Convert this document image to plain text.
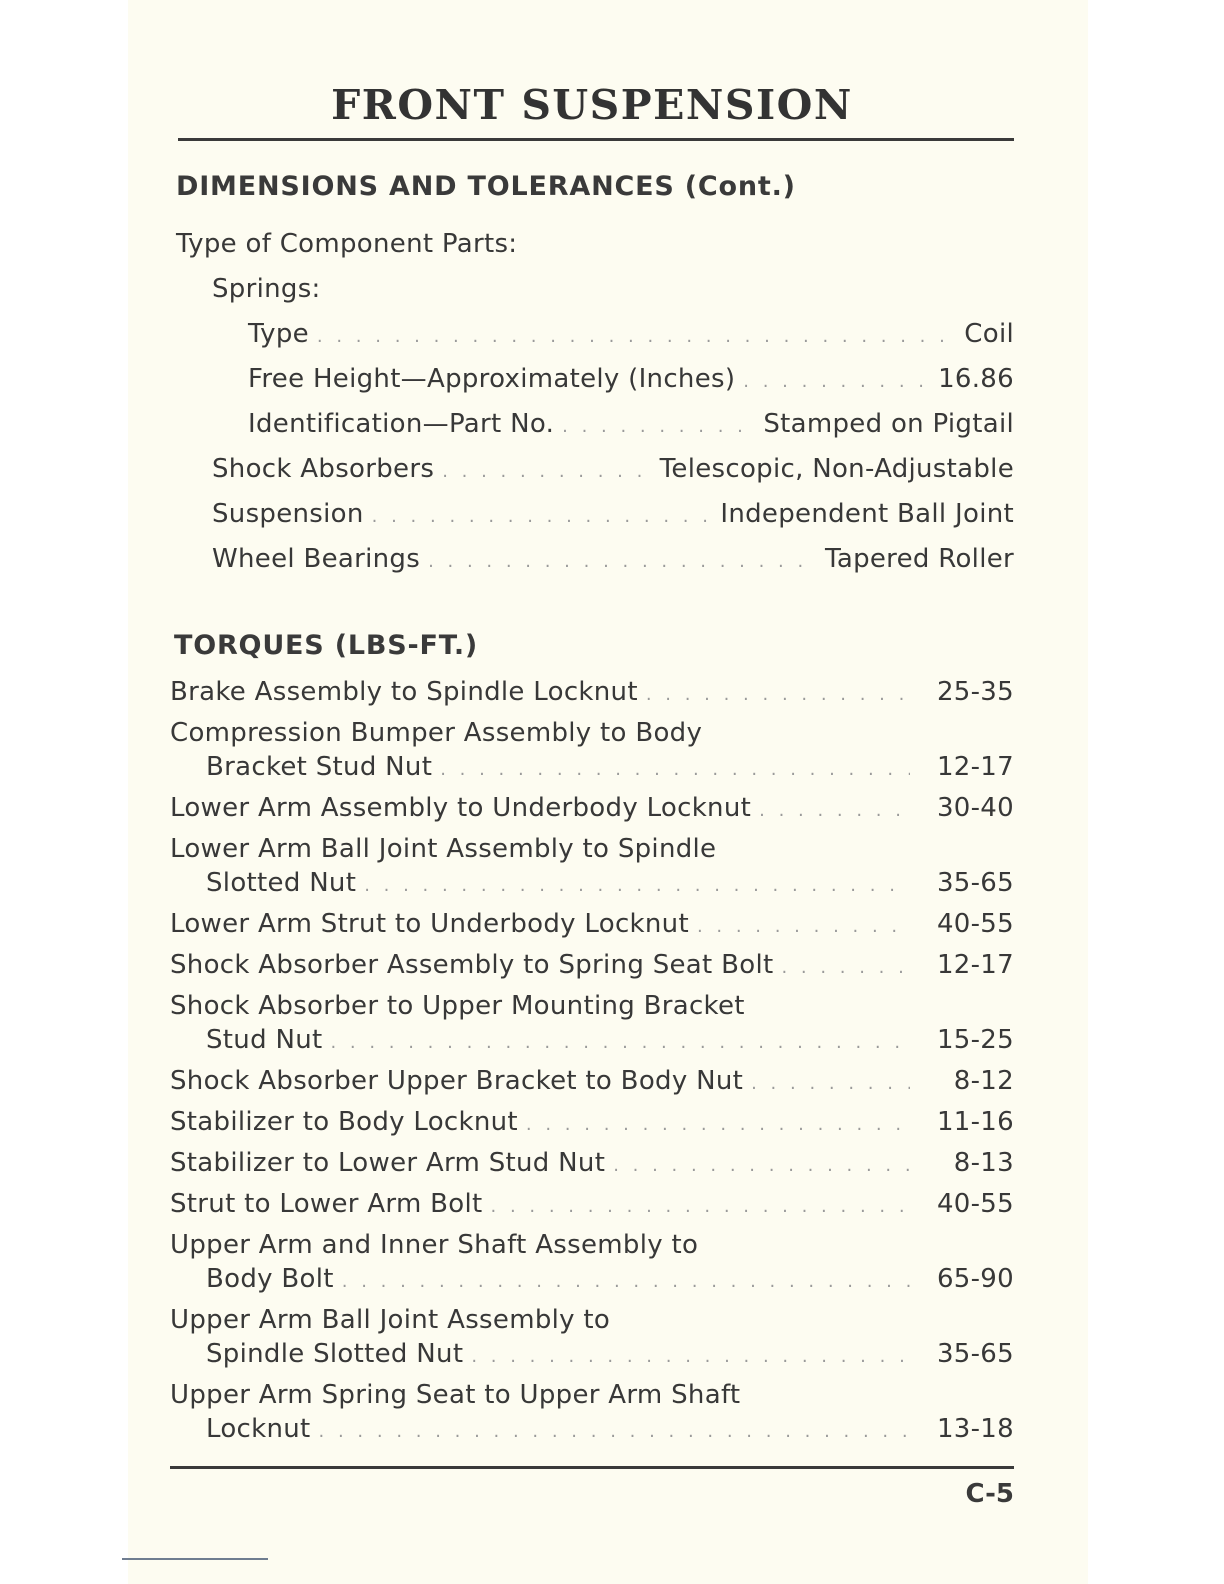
FRONT SUSPENSION
DIMENSIONS AND TOLERANCES (Cont.)
Type of Component Parts:
Springs:
Type . . .	Coil
Free Height—Approximately (Inches) . . .	16.86
Identification—Part No. . . .	Stamped on Pigtail
Shock Absorbers . . .	Telescopic, Non-Adjustable
Suspension . . .	Independent Ball Joint
Wheel Bearings . . .	Tapered Roller
TORQUES (LBS-FT.)
Brake Assembly to Spindle Locknut . . .	25-35
Compression Bumper Assembly to Body
Bracket Stud Nut . . .	12-17
Lower Arm Assembly to Underbody Locknut . . .	30-40
Lower Arm Ball Joint Assembly to Spindle
Slotted Nut . . .	35-65
Lower Arm Strut to Underbody Locknut . . .	40-55
Shock Absorber Assembly to Spring Seat Bolt . . .	12-17
Shock Absorber to Upper Mounting Bracket
Stud Nut . . .	15-25
Shock Absorber Upper Bracket to Body Nut . . .	8-12
Stabilizer to Body Locknut . . .	11-16
Stabilizer to Lower Arm Stud Nut . . .	8-13
Strut to Lower Arm Bolt . . .	40-55
Upper Arm and Inner Shaft Assembly to
Body Bolt . . .	65-90
Upper Arm Ball Joint Assembly to
Spindle Slotted Nut . . .	35-65
Upper Arm Spring Seat to Upper Arm Shaft
Locknut . . .	13-18
C-5
